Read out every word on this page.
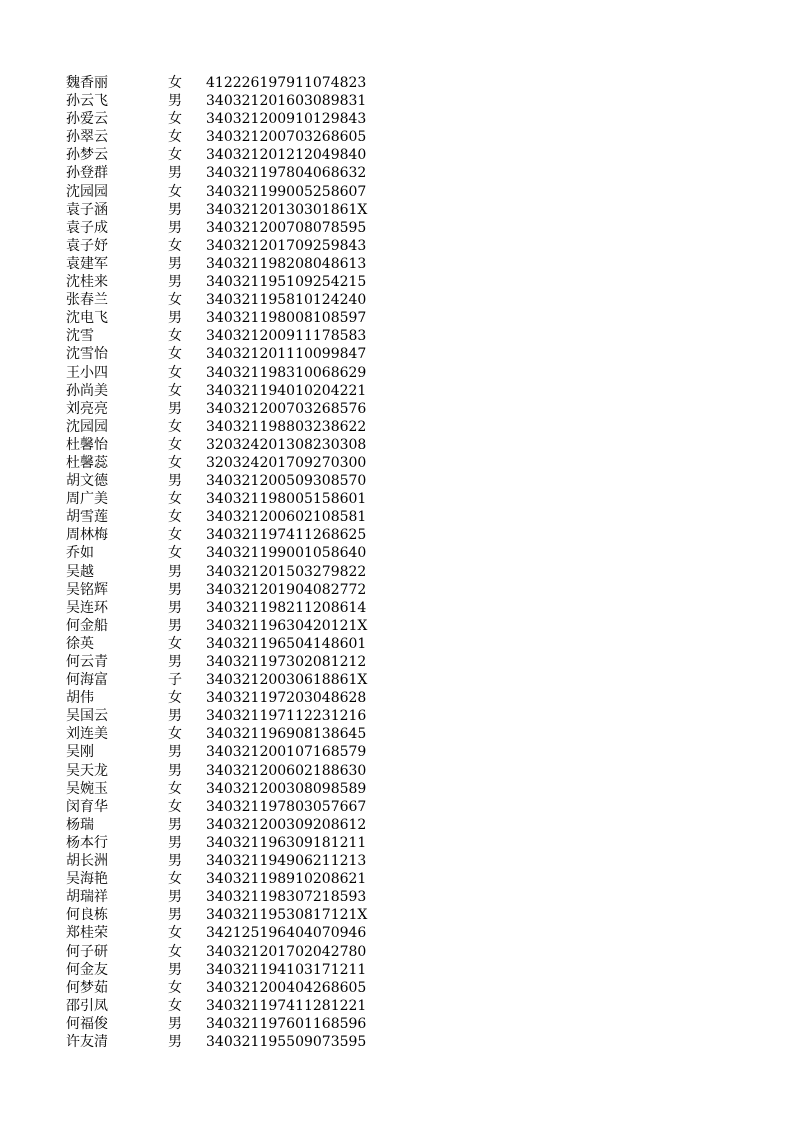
魏香丽	女	412226197911074823
孙云飞	男	340321201603089831
孙爱云	女	340321200910129843
孙翠云	女	340321200703268605
孙梦云	女	340321201212049840
孙登群	男	340321197804068632
沈园园	女	340321199005258607
袁子涵	男	34032120130301861X
袁子成	男	340321200708078595
袁子妤	女	340321201709259843
袁建军	男	340321198208048613
沈桂来	男	340321195109254215
张春兰	女	340321195810124240
沈电飞	男	340321198008108597
沈雪	女	340321200911178583
沈雪怡	女	340321201110099847
王小四	女	340321198310068629
孙尚美	女	340321194010204221
刘亮亮	男	340321200703268576
沈园园	女	340321198803238622
杜馨怡	女	320324201308230308
杜馨蕊	女	320324201709270300
胡文德	男	340321200509308570
周广美	女	340321198005158601
胡雪莲	女	340321200602108581
周林梅	女	340321197411268625
乔如	女	340321199001058640
吴越	男	340321201503279822
吴铭辉	男	340321201904082772
吴连环	男	340321198211208614
何金船	男	34032119630420121X
徐英	女	340321196504148601
何云青	男	340321197302081212
何海富	子	34032120030618861X
胡伟	女	340321197203048628
吴国云	男	340321197112231216
刘连美	女	340321196908138645
吴刚	男	340321200107168579
吴天龙	男	340321200602188630
吴婉玉	女	340321200308098589
闵育华	女	340321197803057667
杨瑞	男	340321200309208612
杨本行	男	340321196309181211
胡长洲	男	340321194906211213
吴海艳	女	340321198910208621
胡瑞祥	男	340321198307218593
何良栋	男	34032119530817121X
郑桂荣	女	342125196404070946
何子研	女	340321201702042780
何金友	男	340321194103171211
何梦茹	女	340321200404268605
邵引凤	女	340321197411281221
何福俊	男	340321197601168596
许友清	男	340321195509073595
